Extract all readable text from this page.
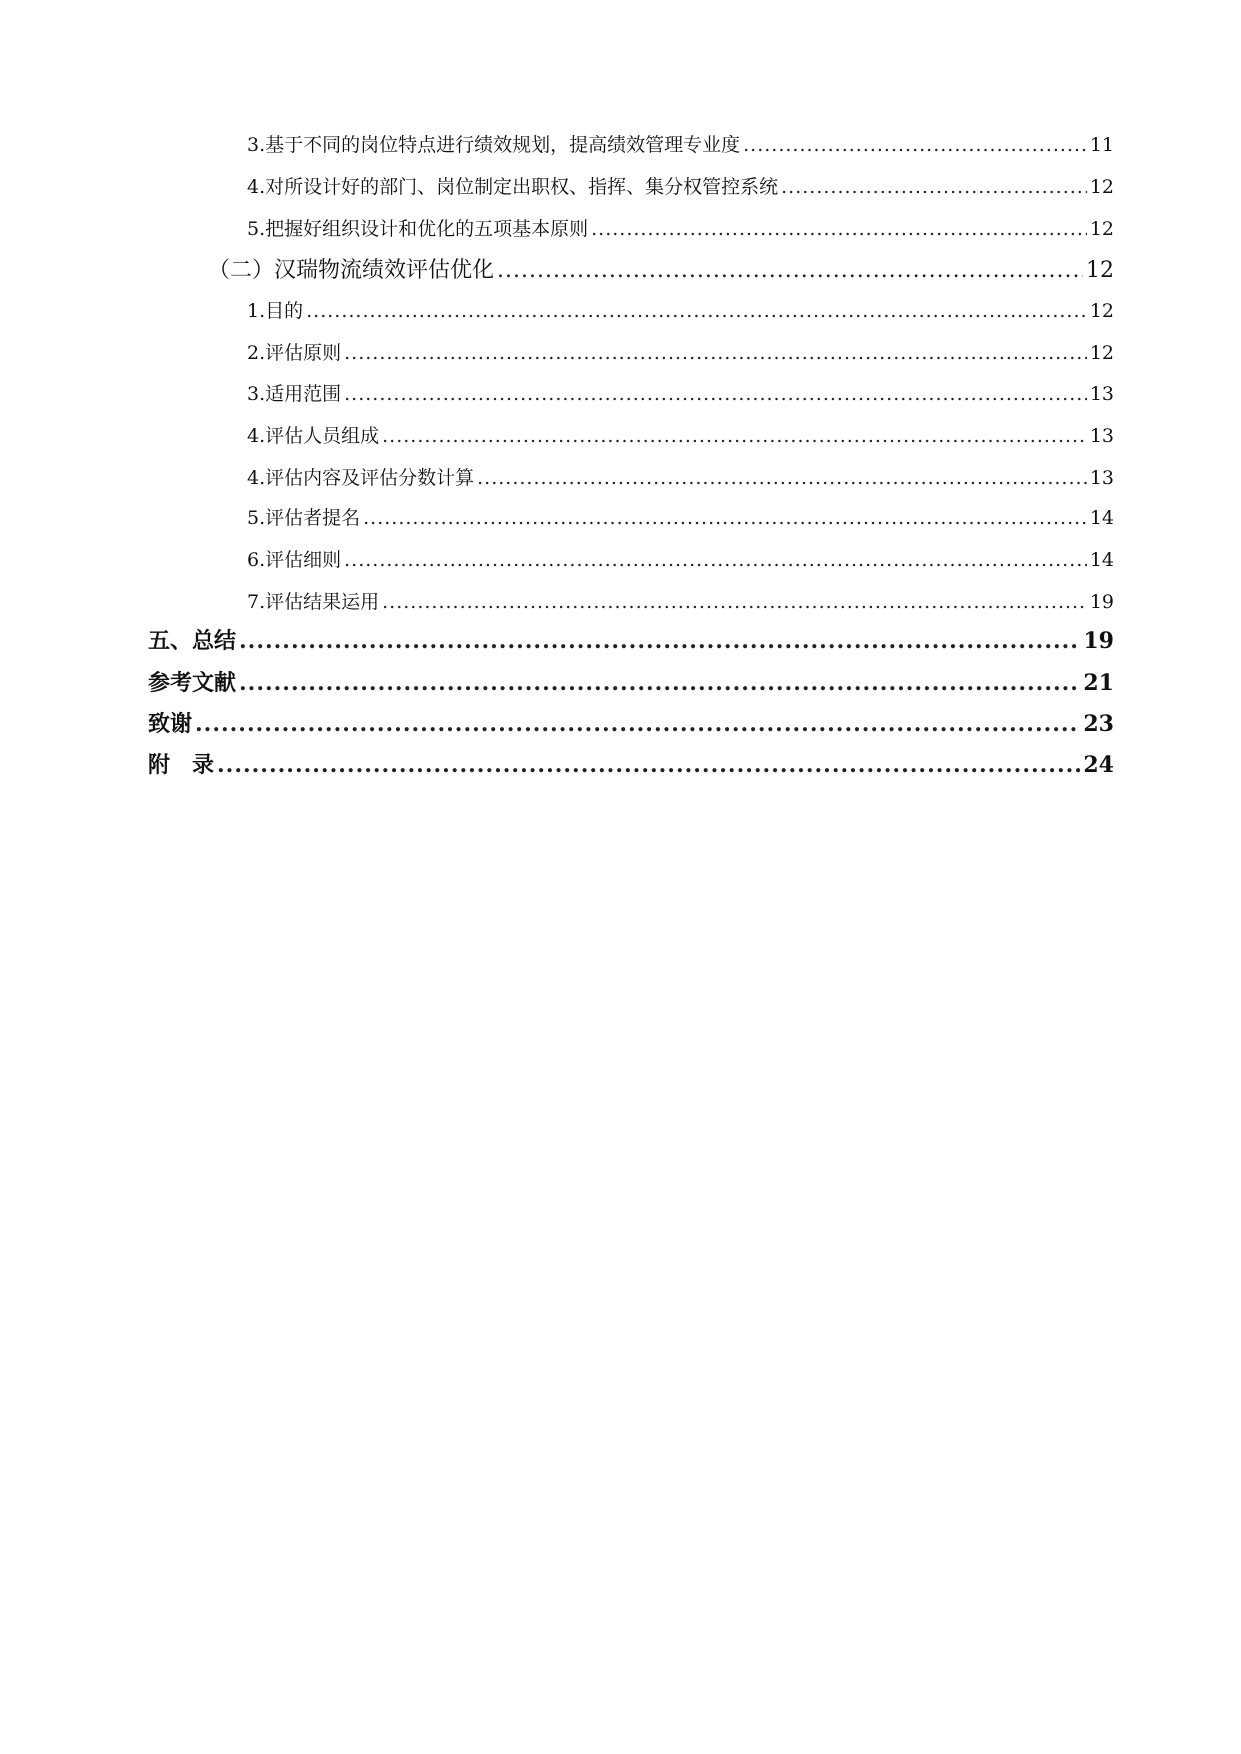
3.基于不同的岗位特点进行绩效规划，提高绩效管理专业度 .....	11
4.对所设计好的部门、岗位制定出职权、指挥、集分权管控系统 .....	12
5.把握好组织设计和优化的五项基本原则 .....	12
（二）汉瑞物流绩效评估优化 .....	12
1.目的 .....	12
2.评估原则 .....	12
3.适用范围 .....	13
4.评估人员组成 .....	13
4.评估内容及评估分数计算 .....	13
5.评估者提名 .....	14
6.评估细则 .....	14
7.评估结果运用 .....	19
五、总结 .....	19
参考文献 .....	21
致谢 .....	23
附　录 .....	24
